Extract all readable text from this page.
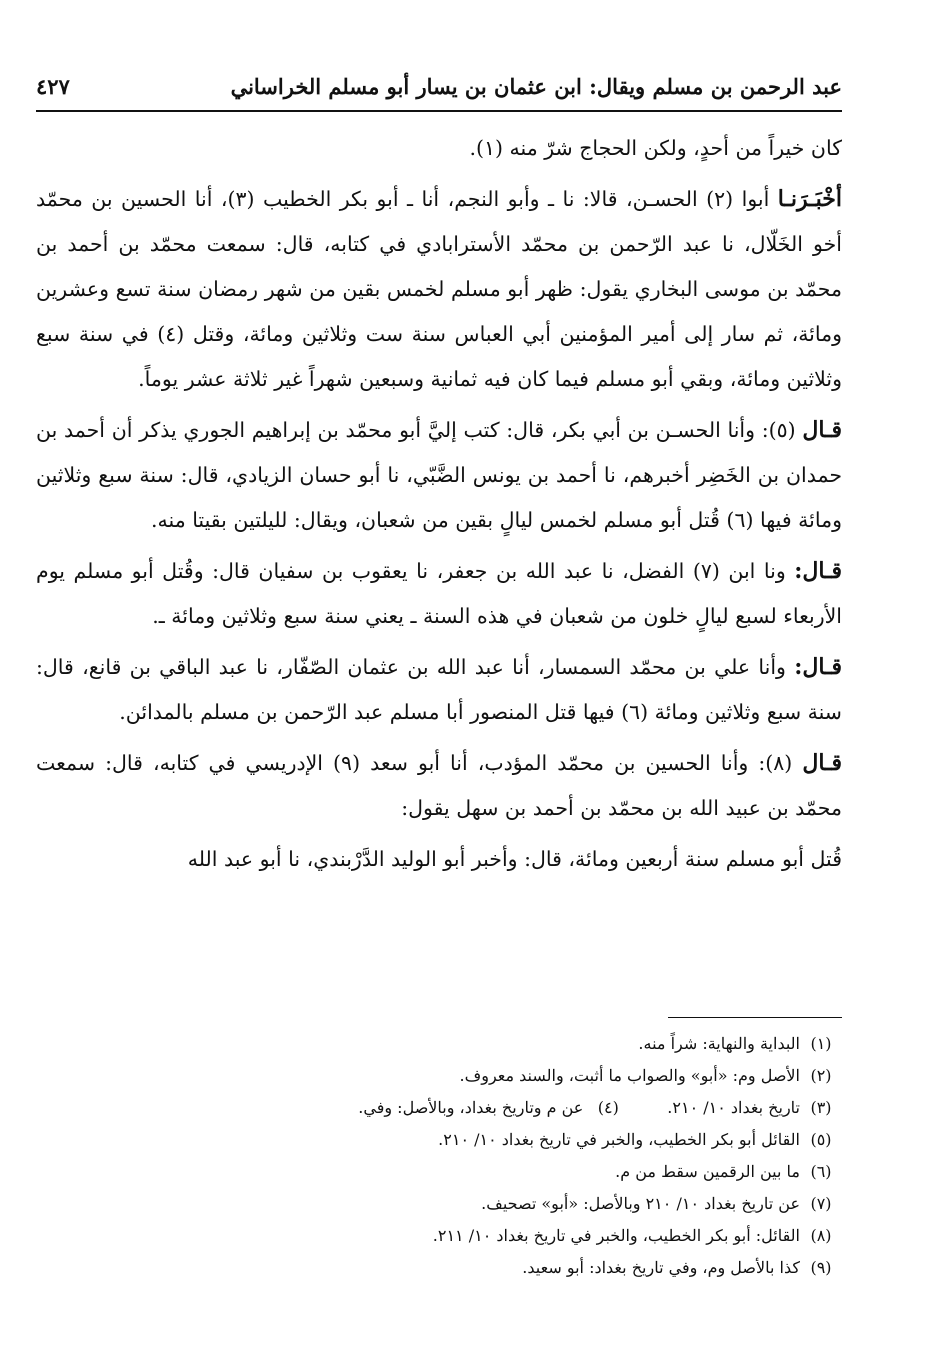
عبد الرحمن بن مسلم ويقال: ابن عثمان بن يسار أبو مسلم الخراساني
٤٢٧

كان خيراً من أحدٍ، ولكن الحجاج شرّ منه (١).

أخْبَـرَنـا أبوا (٢) الحسـن، قالا: نا ـ وأبو النجم، أنا ـ أبو بكر الخطيب (٣)، أنا الحسين بن محمّد أخو الخَلّال، نا عبد الرّحمن بن محمّد الأسترابادي في كتابه، قال: سمعت محمّد بن أحمد بن محمّد بن موسى البخاري يقول: ظهر أبو مسلم لخمس بقين من شهر رمضان سنة تسع وعشرين ومائة، ثم سار إلى أمير المؤمنين أبي العباس سنة ست وثلاثين ومائة، وقتل (٤) في سنة سبع وثلاثين ومائة، وبقي أبو مسلم فيما كان فيه ثمانية وسبعين شهراً غير ثلاثة عشر يوماً.

قـال (٥): وأنا الحسـن بن أبي بكر، قال: كتب إليَّ أبو محمّد بن إبراهيم الجوري يذكر أن أحمد بن حمدان بن الخَضِر أخبرهم، نا أحمد بن يونس الضَّبّي، نا أبو حسان الزيادي، قال: سنة سبع وثلاثين ومائة فيها (٦) قُتل أبو مسلم لخمس ليالٍ بقين من شعبان، ويقال: لليلتين بقيتا منه.

قـال: ونا ابن (٧) الفضل، نا عبد الله بن جعفر، نا يعقوب بن سفيان قال: وقُتل أبو مسلم يوم الأربعاء لسبع ليالٍ خلون من شعبان في هذه السنة ـ يعني سنة سبع وثلاثين ومائة ـ.

قـال: وأنا علي بن محمّد السمسار، أنا عبد الله بن عثمان الصّفّار، نا عبد الباقي بن قانع، قال: سنة سبع وثلاثين ومائة (٦) فيها قتل المنصور أبا مسلم عبد الرّحمن بن مسلم بالمدائن.

قـال (٨): وأنا الحسين بن محمّد المؤدب، أنا أبو سعد (٩) الإدريسي في كتابه، قال: سمعت محمّد بن عبيد الله بن محمّد بن أحمد بن سهل يقول:

قُتل أبو مسلم سنة أربعين ومائة، قال: وأخبر أبو الوليد الدَّرْبندي، نا أبو عبد الله

(١)
البداية والنهاية: شراً منه.
(٢)
الأصل وم: «أبو» والصواب ما أثبت، والسند معروف.
(٣)
تاريخ بغداد ١٠/ ٢١٠.
(٤)
عن م وتاريخ بغداد، وبالأصل: وفي.
(٥)
القائل أبو بكر الخطيب، والخبر في تاريخ بغداد ١٠/ ٢١٠.
(٦)
ما بين الرقمين سقط من م.
(٧)
عن تاريخ بغداد ١٠/ ٢١٠ وبالأصل: «أبو» تصحيف.
(٨)
القائل: أبو بكر الخطيب، والخبر في تاريخ بغداد ١٠/ ٢١١.
(٩)
كذا بالأصل وم، وفي تاريخ بغداد: أبو سعيد.
